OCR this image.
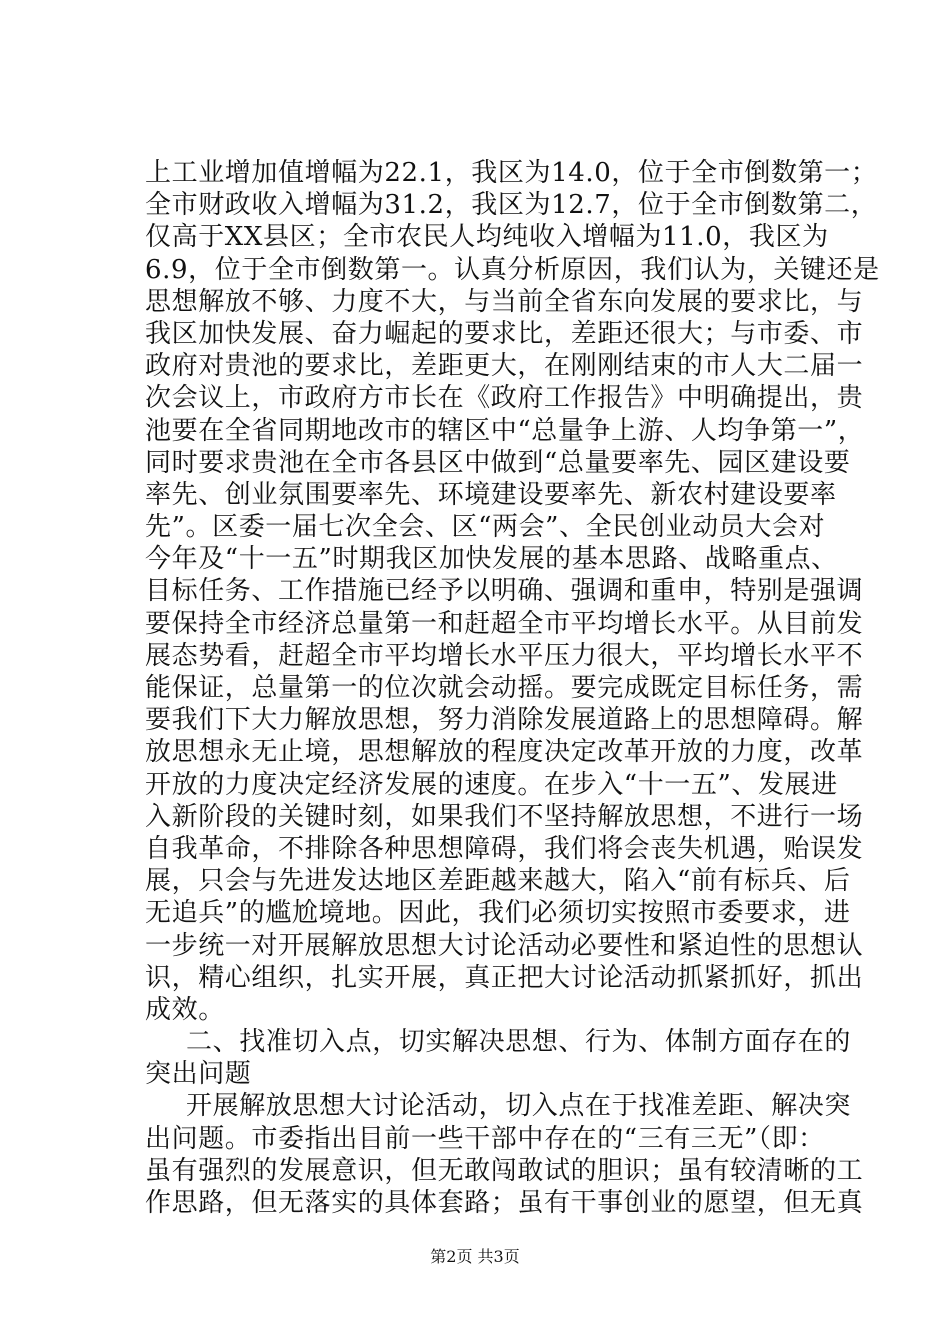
上工业增加值增幅为22.1，我区为14.0，位于全市倒数第一；
全市财政收入增幅为31.2，我区为12.7，位于全市倒数第二，
仅高于XX县区；全市农民人均纯收入增幅为11.0，我区为
6.9，位于全市倒数第一。认真分析原因，我们认为，关键还是
思想解放不够、力度不大，与当前全省东向发展的要求比，与
我区加快发展、奋力崛起的要求比，差距还很大；与市委、市
政府对贵池的要求比，差距更大，在刚刚结束的市人大二届一
次会议上，市政府方市长在《政府工作报告》中明确提出，贵
池要在全省同期地改市的辖区中“总量争上游、人均争第一”，
同时要求贵池在全市各县区中做到“总量要率先、园区建设要
率先、创业氛围要率先、环境建设要率先、新农村建设要率
先”。区委一届七次全会、区“两会”、全民创业动员大会对
今年及“十一五”时期我区加快发展的基本思路、战略重点、
目标任务、工作措施已经予以明确、强调和重申，特别是强调
要保持全市经济总量第一和赶超全市平均增长水平。从目前发
展态势看，赶超全市平均增长水平压力很大，平均增长水平不
能保证，总量第一的位次就会动摇。要完成既定目标任务，需
要我们下大力解放思想，努力消除发展道路上的思想障碍。解
放思想永无止境，思想解放的程度决定改革开放的力度，改革
开放的力度决定经济发展的速度。在步入“十一五”、发展进
入新阶段的关键时刻，如果我们不坚持解放思想，不进行一场
自我革命，不排除各种思想障碍，我们将会丧失机遇，贻误发
展，只会与先进发达地区差距越来越大，陷入“前有标兵、后
无追兵”的尴尬境地。因此，我们必须切实按照市委要求，进
一步统一对开展解放思想大讨论活动必要性和紧迫性的思想认
识，精心组织，扎实开展，真正把大讨论活动抓紧抓好，抓出
成效。
二、找准切入点，切实解决思想、行为、体制方面存在的
突出问题
开展解放思想大讨论活动，切入点在于找准差距、解决突
出问题。市委指出目前一些干部中存在的“三有三无”（即：
虽有强烈的发展意识，但无敢闯敢试的胆识；虽有较清晰的工
作思路，但无落实的具体套路；虽有干事创业的愿望，但无真
第2页 共3页
